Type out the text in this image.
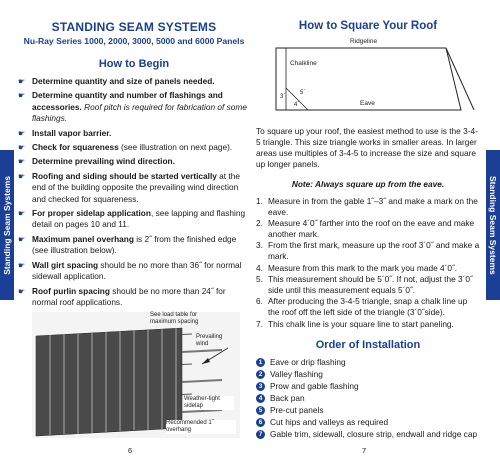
Standing Seam Systems	Standing Seam Systems
STANDING SEAM SYSTEMS
Nu-Ray Series 1000, 2000, 3000, 5000 and 6000 Panels
How to Begin
☛ Determine quantity and size of panels needed.
☛ Determine quantity and number of flashings and accessories. Roof pitch is required for fabrication of some flashings.
☛ Install vapor barrier.
☛ Check for squareness (see illustration on next page).
☛ Determine prevailing wind direction.
☛ Roofing and siding should be started vertically at the end of the building opposite the prevailing wind direction and checked for squareness.
☛ For proper sidelap application, see lapping and flashing detail on pages 10 and 11.
☛ Maximum panel overhang is 2˝ from the finished edge (see illustration below).
☛ Wall girt spacing should be no more than 36˝ for normal sidewall application.
☛ Roof purlin spacing should be no more than 24˝ for normal roof applications.
See load table for maximum spacing
Prevailing wind
Weather-tight sidelap
Recommended 1˝ overhang
6
How to Square Your Roof
Ridgeline
Chalkline
Eave
3´
4´
5´

To square up your roof, the easiest method to use is the 3-4-5 triangle. This size triangle works in smaller areas. In larger areas use multiples of 3-4-5 to increase the size and square up longer panels.

Note: Always square up from the eave.

1. Measure in from the gable 1˝–3˝ and make a mark on the eave.
2. Measure 4´0˝ farther into the roof on the eave and make another mark.
3. From the first mark, measure up the roof 3´0˝ and make a mark.
4. Measure from this mark to the mark you made 4´0˝.
5. This measurement should be 5´0˝. If not, adjust the 3´0˝ side until this measurement equals 5´0˝.
6. After producing the 3-4-5 triangle, snap a chalk line up the roof off the left side of the triangle (3´0˝side).
7. This chalk line is your square line to start paneling.
Order of Installation
1 Eave or drip flashing
2 Valley flashing
3 Prow and gable flashing
4 Back pan
5 Pre-cut panels
6 Cut hips and valleys as required
7 Gable trim, sidewall, closure strip, endwall and ridge cap
7
